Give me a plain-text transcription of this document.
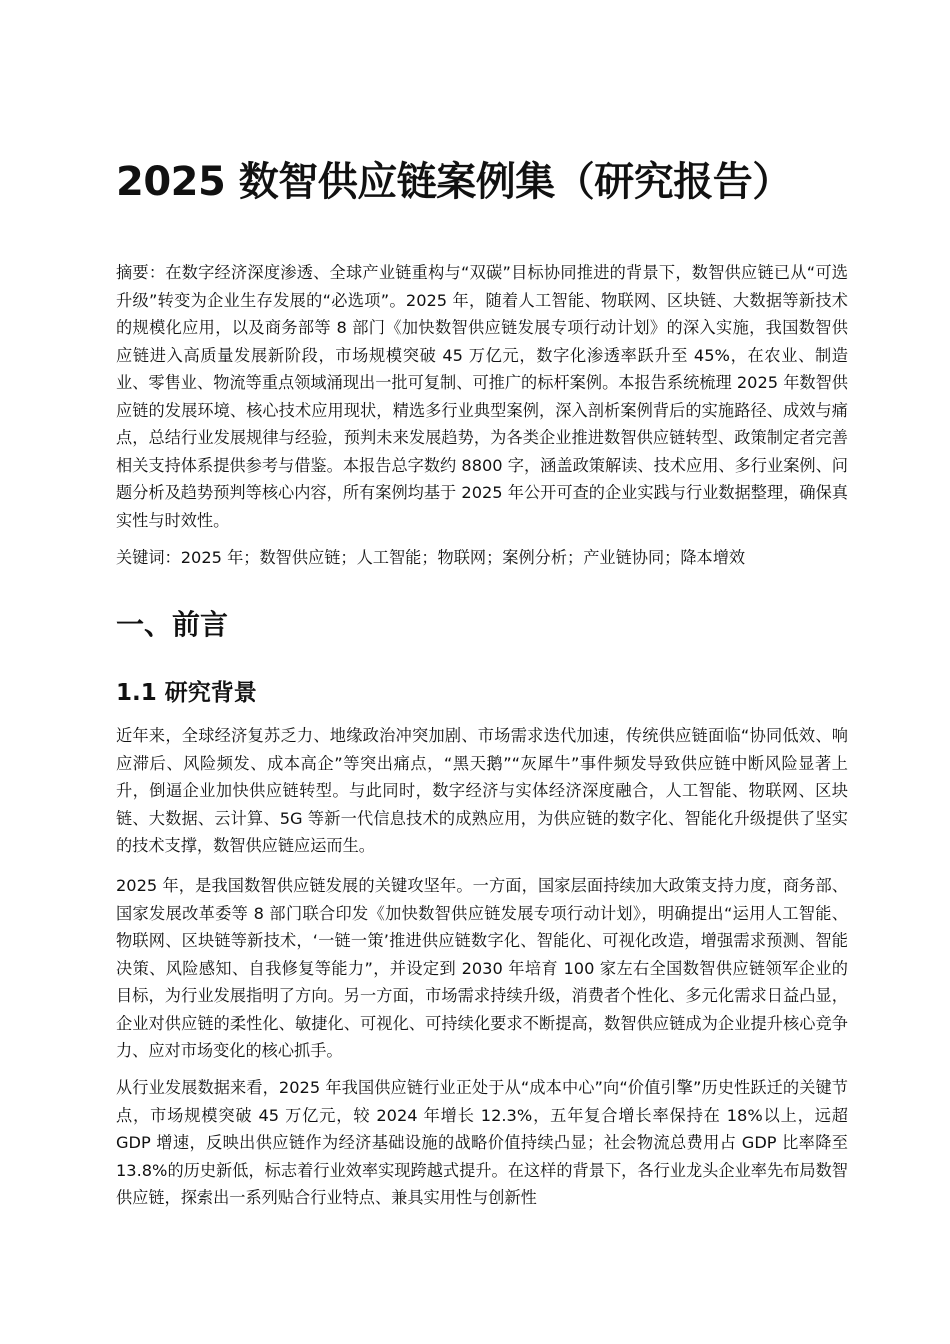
2025 数智供应链案例集（研究报告）

摘要：在数字经济深度渗透、全球产业链重构与“双碳”目标协同推进的背景下，数智供应链已从“可选升级”转变为企业生存发展的“必选项”。2025 年，随着人工智能、物联网、区块链、大数据等新技术的规模化应用，以及商务部等 8 部门《加快数智供应链发展专项行动计划》的深入实施，我国数智供应链进入高质量发展新阶段，市场规模突破 45 万亿元，数字化渗透率跃升至 45%，在农业、制造业、零售业、物流等重点领域涌现出一批可复制、可推广的标杆案例。本报告系统梳理 2025 年数智供应链的发展环境、核心技术应用现状，精选多行业典型案例，深入剖析案例背后的实施路径、成效与痛点，总结行业发展规律与经验，预判未来发展趋势，为各类企业推进数智供应链转型、政策制定者完善相关支持体系提供参考与借鉴。本报告总字数约 8800 字，涵盖政策解读、技术应用、多行业案例、问题分析及趋势预判等核心内容，所有案例均基于 2025 年公开可查的企业实践与行业数据整理，确保真实性与时效性。

关键词：2025 年；数智供应链；人工智能；物联网；案例分析；产业链协同；降本增效

一、前言
1.1 研究背景

近年来，全球经济复苏乏力、地缘政治冲突加剧、市场需求迭代加速，传统供应链面临“协同低效、响应滞后、风险频发、成本高企”等突出痛点，“黑天鹅”“灰犀牛”事件频发导致供应链中断风险显著上升，倒逼企业加快供应链转型。与此同时，数字经济与实体经济深度融合，人工智能、物联网、区块链、大数据、云计算、5G 等新一代信息技术的成熟应用，为供应链的数字化、智能化升级提供了坚实的技术支撑，数智供应链应运而生。

2025 年，是我国数智供应链发展的关键攻坚年。一方面，国家层面持续加大政策支持力度，商务部、国家发展改革委等 8 部门联合印发《加快数智供应链发展专项行动计划》，明确提出“运用人工智能、物联网、区块链等新技术，‘一链一策’推进供应链数字化、智能化、可视化改造，增强需求预测、智能决策、风险感知、自我修复等能力”，并设定到 2030 年培育 100 家左右全国数智供应链领军企业的目标，为行业发展指明了方向。另一方面，市场需求持续升级，消费者个性化、多元化需求日益凸显，企业对供应链的柔性化、敏捷化、可视化、可持续化要求不断提高，数智供应链成为企业提升核心竞争力、应对市场变化的核心抓手。

从行业发展数据来看，2025 年我国供应链行业正处于从“成本中心”向“价值引擎”历史性跃迁的关键节点，市场规模突破 45 万亿元，较 2024 年增长 12.3%，五年复合增长率保持在 18%以上，远超 GDP 增速，反映出供应链作为经济基础设施的战略价值持续凸显；社会物流总费用占 GDP 比率降至 13.8%的历史新低，标志着行业效率实现跨越式提升。在这样的背景下，各行业龙头企业率先布局数智供应链，探索出一系列贴合行业特点、兼具实用性与创新性
